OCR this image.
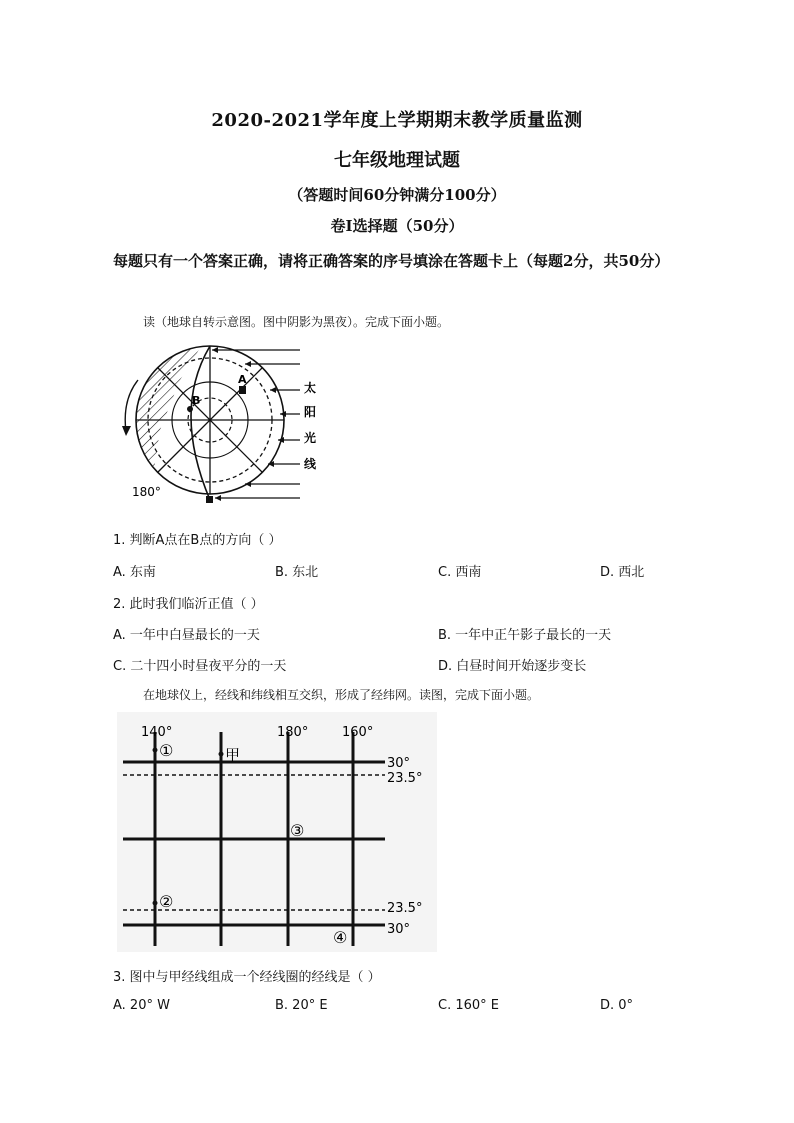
2020-2021学年度上学期期末教学质量监测
七年级地理试题
（答题时间60分钟满分100分）
卷Ⅰ选择题（50分）
每题只有一个答案正确，请将正确答案的序号填涂在答题卡上（每题2分，共50分）
读（地球自转示意图。图中阴影为黑夜）。完成下面小题。
A
B
太
阳
光
线
180°
1. 判断A点在B点的方向（ ）
A. 东南	B. 东北	C. 西南	D. 西北
2. 此时我们临沂正值（ ）
A. 一年中白昼最长的一天	B. 一年中正午影子最长的一天
C. 二十四小时昼夜平分的一天	D. 白昼时间开始逐步变长
在地球仪上，经线和纬线相互交织，形成了经纬网。读图，完成下面小题。
140°	180°	160°
30°
23.5°
23.5°
30°
①	甲
③
②
④
3. 图中与甲经线组成一个经线圈的经线是（ ）
A. 20° W	B. 20° E	C. 160° E	D. 0°
